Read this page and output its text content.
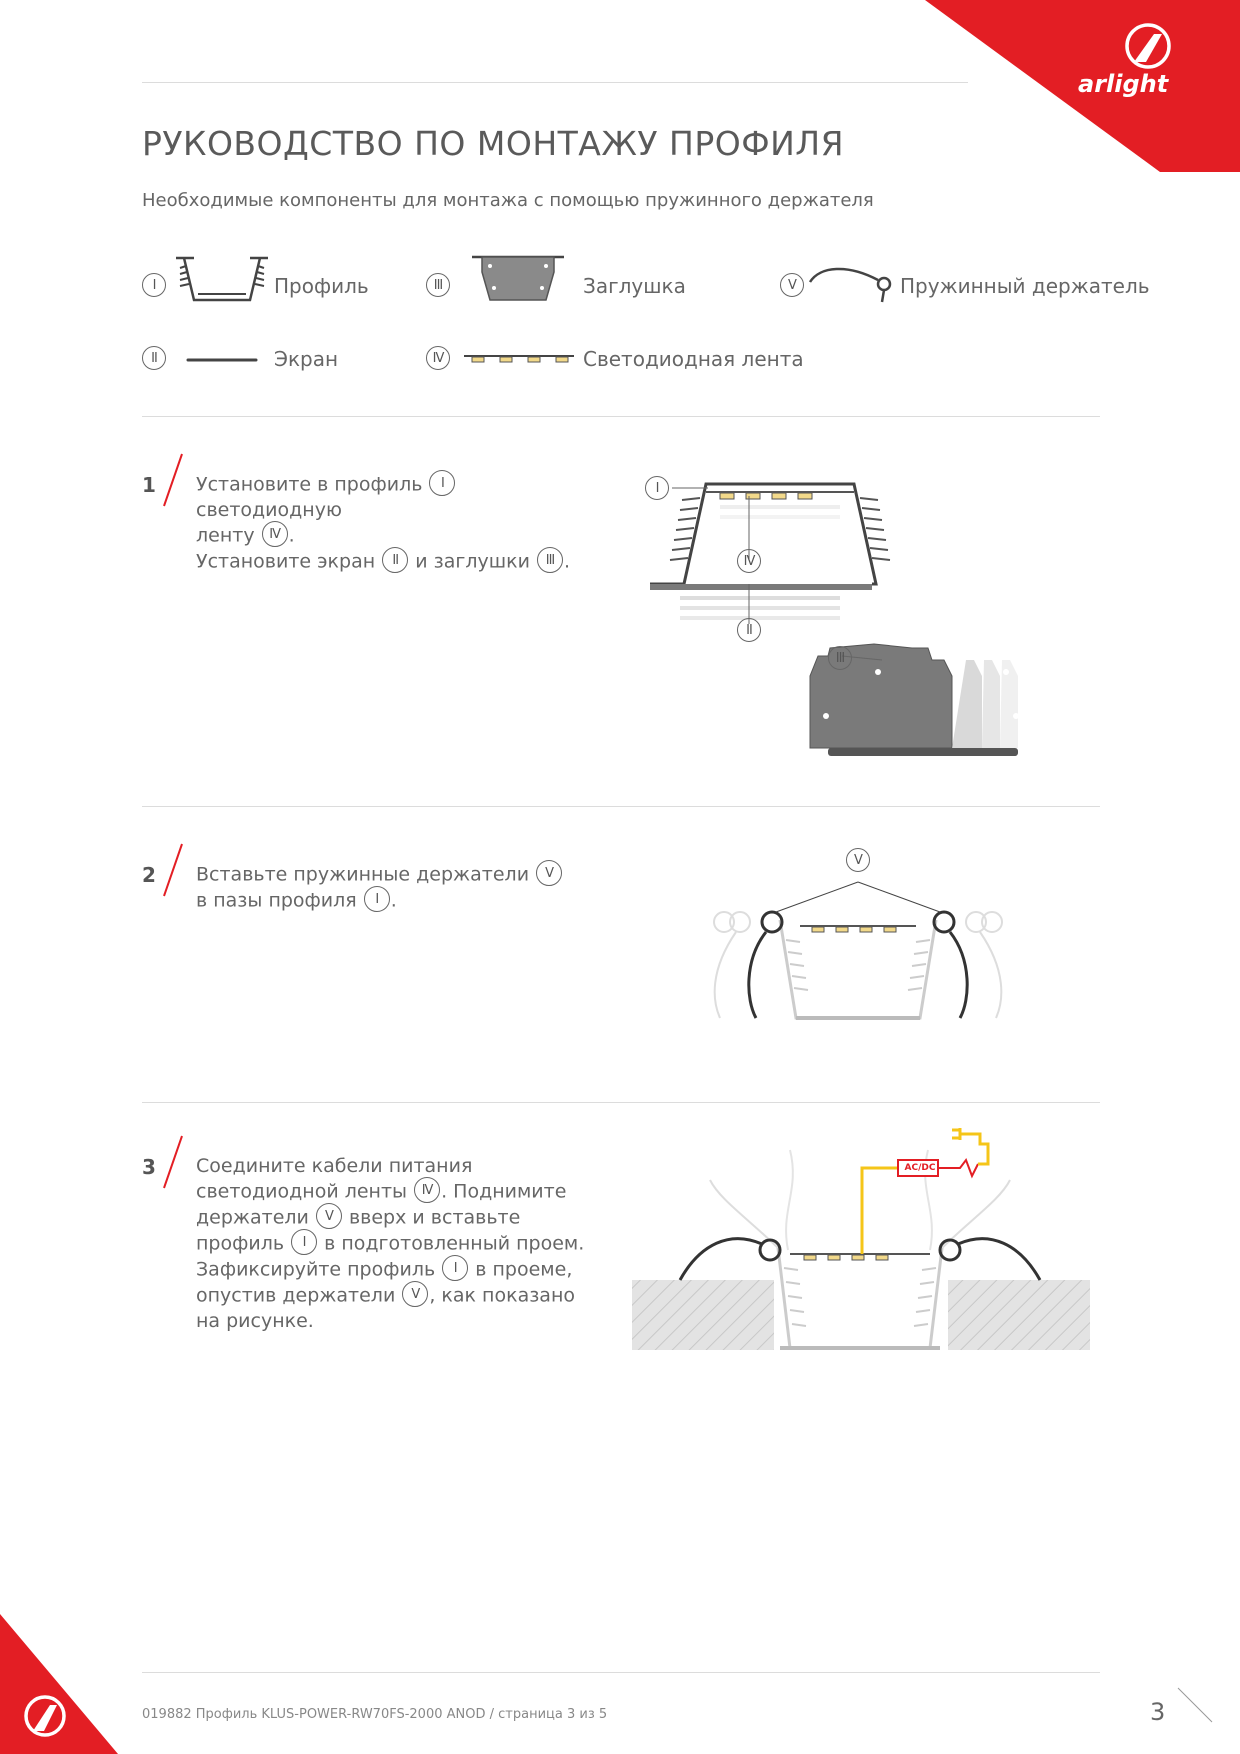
arlight
РУКОВОДСТВО ПО МОНТАЖУ ПРОФИЛЯ
Необходимые компоненты для монтажа с помощью пружинного держателя
I	Профиль
II	Экран
III	Заглушка
IV	Светодиодная лента
V	Пружинный держатель
1 Установите в профиль I светодиодную
ленту IV .
Установите экран II и заглушки III .
I
IV
II
III
2 Вставьте пружинные держатели V
в пазы профиля I .
V
3 Соедините кабели питания
светодиодной ленты IV . Поднимите
держатели V вверх и вставьте
профиль I в подготовленный проем.
Зафиксируйте профиль I в проеме,
опустив держатели V , как показано
на рисунке.
AC/DC
019882 Профиль KLUS-POWER-RW70FS-2000 ANOD / страница 3 из 5	3
